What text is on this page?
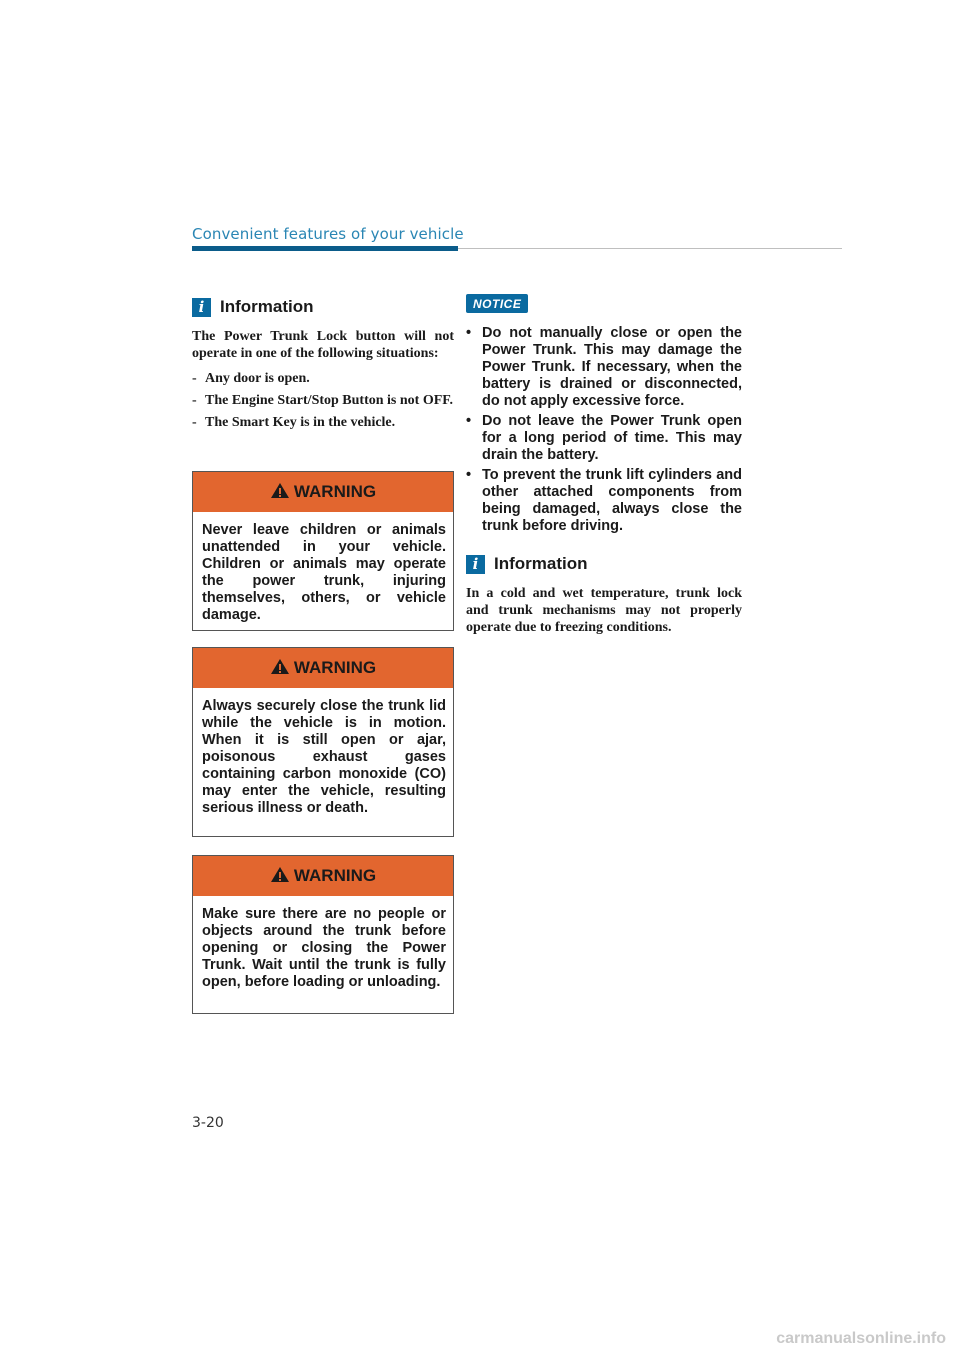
Convenient features of your vehicle
i Information

The Power Trunk Lock button will not operate in one of the following situations:

- Any door is open.
- The Engine Start/Stop Button is not OFF.
- The Smart Key is in the vehicle.
WARNING
Never leave children or animals unattended in your vehicle. Children or animals may operate the power trunk, injuring themselves, others, or vehicle damage.
WARNING
Always securely close the trunk lid while the vehicle is in motion. When it is still open or ajar, poisonous exhaust gases containing carbon monoxide (CO) may enter the vehicle, resulting serious illness or death.
WARNING
Make sure there are no people or objects around the trunk before opening or closing the Power Trunk. Wait until the trunk is fully open, before loading or unloading.
NOTICE
• Do not manually close or open the Power Trunk. This may damage the Power Trunk. If necessary, when the battery is drained or disconnected, do not apply excessive force.
• Do not leave the Power Trunk open for a long period of time. This may drain the battery.
• To prevent the trunk lift cylinders and other attached components from being damaged, always close the trunk before driving.
i Information

In a cold and wet temperature, trunk lock and trunk mechanisms may not properly operate due to freezing conditions.

3-20
carmanualsonline.info
